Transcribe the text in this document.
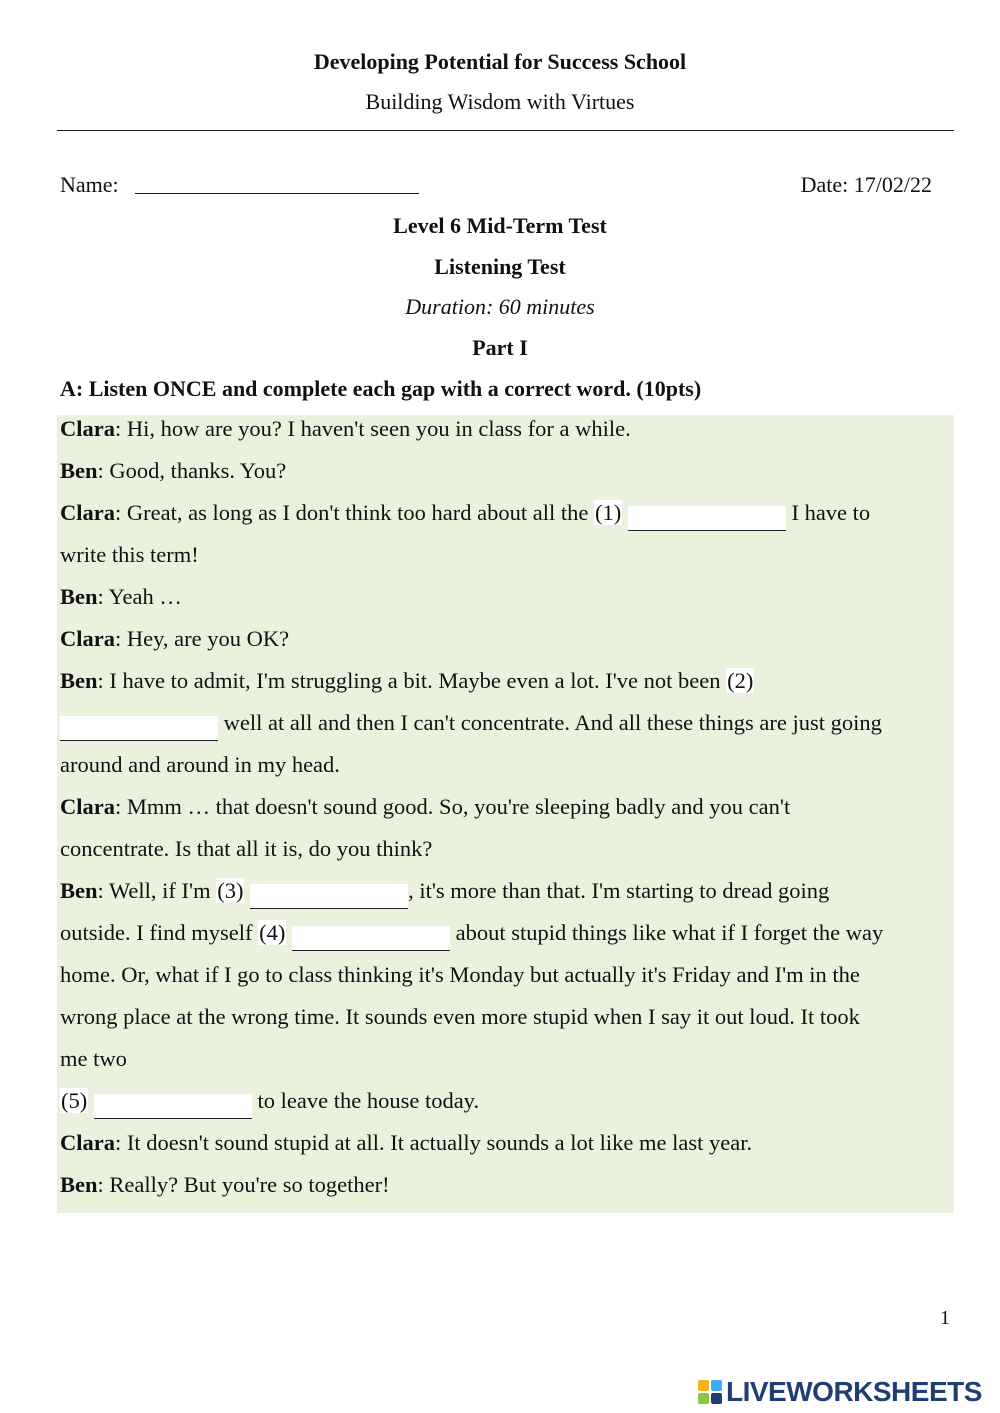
Developing Potential for Success School
Building Wisdom with Virtues
Name:	Date: 17/02/22
Level 6 Mid-Term Test
Listening Test
Duration: 60 minutes
Part I
A: Listen ONCE and complete each gap with a correct word. (10pts)
Clara: Hi, how are you? I haven't seen you in class for a while.
Ben: Good, thanks. You?
Clara: Great, as long as I don't think too hard about all the (1)	I have to
write this term!
Ben: Yeah …
Clara: Hey, are you OK?
Ben: I have to admit, I'm struggling a bit. Maybe even a lot. I've not been (2)
well at all and then I can't concentrate. And all these things are just going
around and around in my head.
Clara: Mmm … that doesn't sound good. So, you're sleeping badly and you can't
concentrate. Is that all it is, do you think?
Ben: Well, if I'm (3)	, it's more than that. I'm starting to dread going
outside. I find myself (4)	about stupid things like what if I forget the way
home. Or, what if I go to class thinking it's Monday but actually it's Friday and I'm in the
wrong place at the wrong time. It sounds even more stupid when I say it out loud. It took
me two
(5)	to leave the house today.
Clara: It doesn't sound stupid at all. It actually sounds a lot like me last year.
Ben: Really? But you're so together!
1
LIVEWORKSHEETS
